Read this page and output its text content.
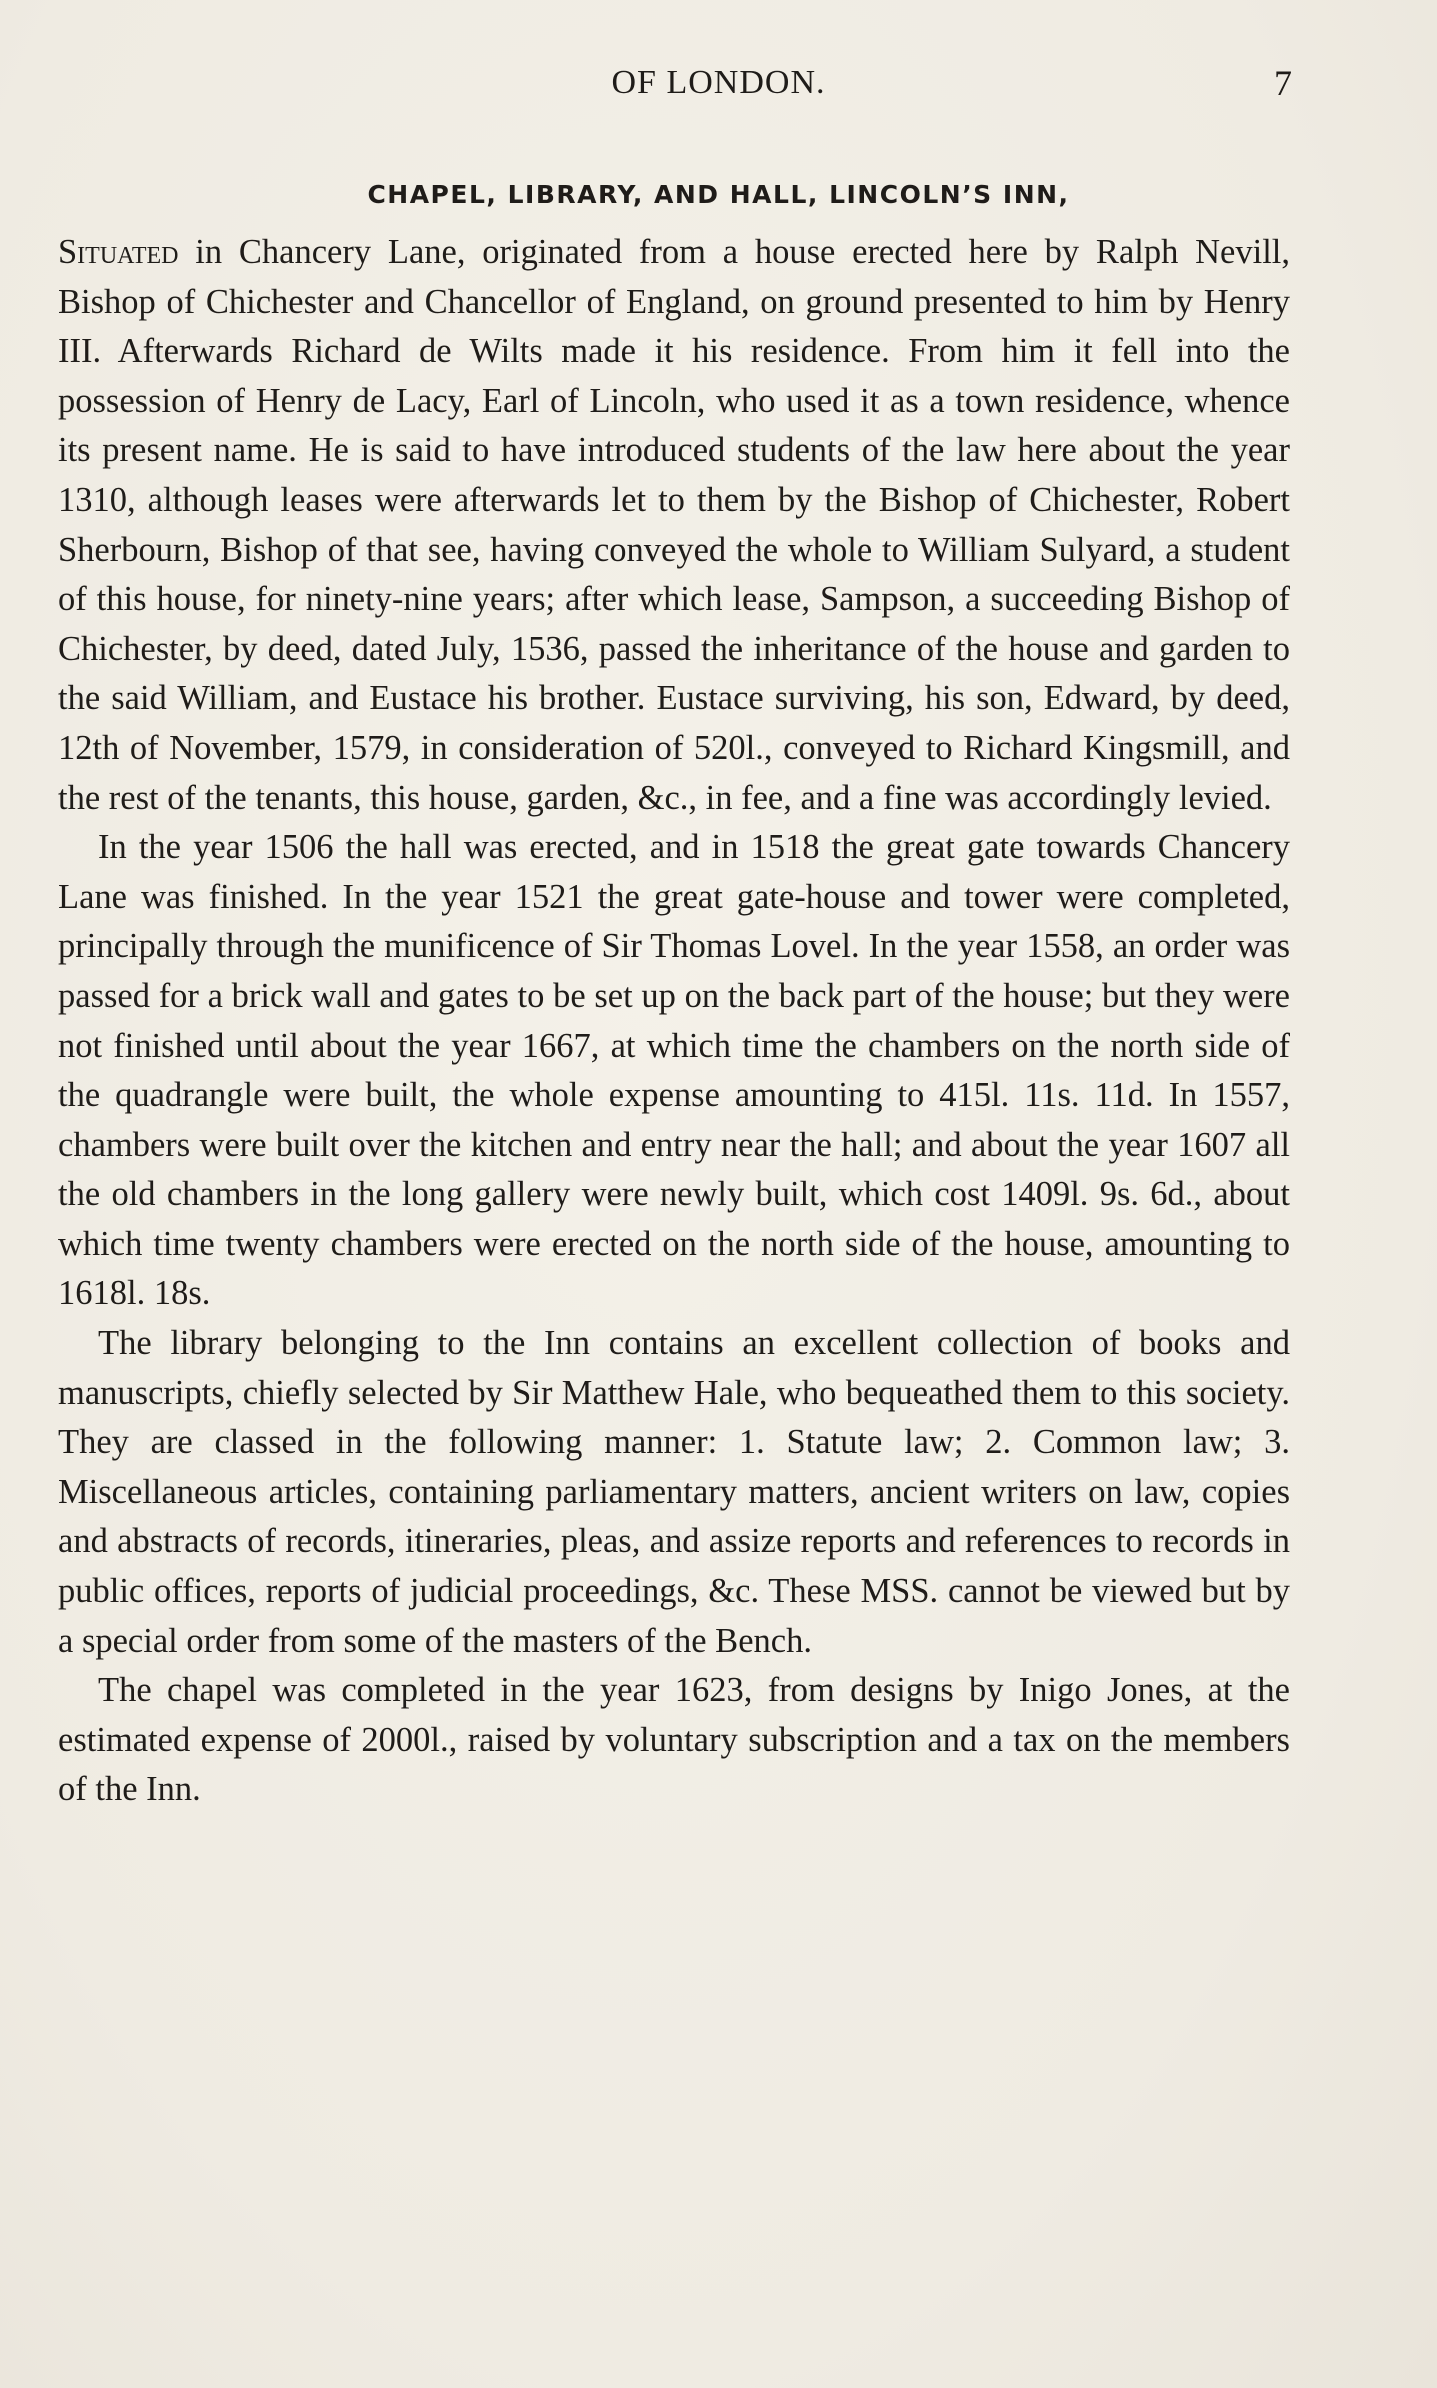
OF LONDON.	7
CHAPEL, LIBRARY, AND HALL, LINCOLN’S INN,

Situated in Chancery Lane, originated from a house erected here by Ralph Nevill, Bishop of Chichester and Chancellor of England, on ground presented to him by Henry III. Afterwards Richard de Wilts made it his residence. From him it fell into the possession of Henry de Lacy, Earl of Lincoln, who used it as a town residence, whence its present name. He is said to have introduced students of the law here about the year 1310, although leases were afterwards let to them by the Bishop of Chichester, Robert Sherbourn, Bishop of that see, having conveyed the whole to William Sulyard, a student of this house, for ninety-nine years; after which lease, Sampson, a succeeding Bishop of Chichester, by deed, dated July, 1536, passed the inheritance of the house and garden to the said William, and Eustace his brother. Eustace surviving, his son, Edward, by deed, 12th of November, 1579, in consideration of 520l., conveyed to Richard Kingsmill, and the rest of the tenants, this house, garden, &c., in fee, and a fine was accordingly levied.

In the year 1506 the hall was erected, and in 1518 the great gate towards Chancery Lane was finished. In the year 1521 the great gate-house and tower were completed, principally through the munificence of Sir Thomas Lovel. In the year 1558, an order was passed for a brick wall and gates to be set up on the back part of the house; but they were not finished until about the year 1667, at which time the chambers on the north side of the quadrangle were built, the whole expense amounting to 415l. 11s. 11d. In 1557, chambers were built over the kitchen and entry near the hall; and about the year 1607 all the old chambers in the long gallery were newly built, which cost 1409l. 9s. 6d., about which time twenty chambers were erected on the north side of the house, amounting to 1618l. 18s.

The library belonging to the Inn contains an excellent collection of books and manuscripts, chiefly selected by Sir Matthew Hale, who bequeathed them to this society. They are classed in the following manner: 1. Statute law; 2. Common law; 3. Miscellaneous articles, containing parliamentary matters, ancient writers on law, copies and abstracts of records, itineraries, pleas, and assize reports and references to records in public offices, reports of judicial proceedings, &c. These MSS. cannot be viewed but by a special order from some of the masters of the Bench.

The chapel was completed in the year 1623, from designs by Inigo Jones, at the estimated expense of 2000l., raised by voluntary subscription and a tax on the members of the Inn.
